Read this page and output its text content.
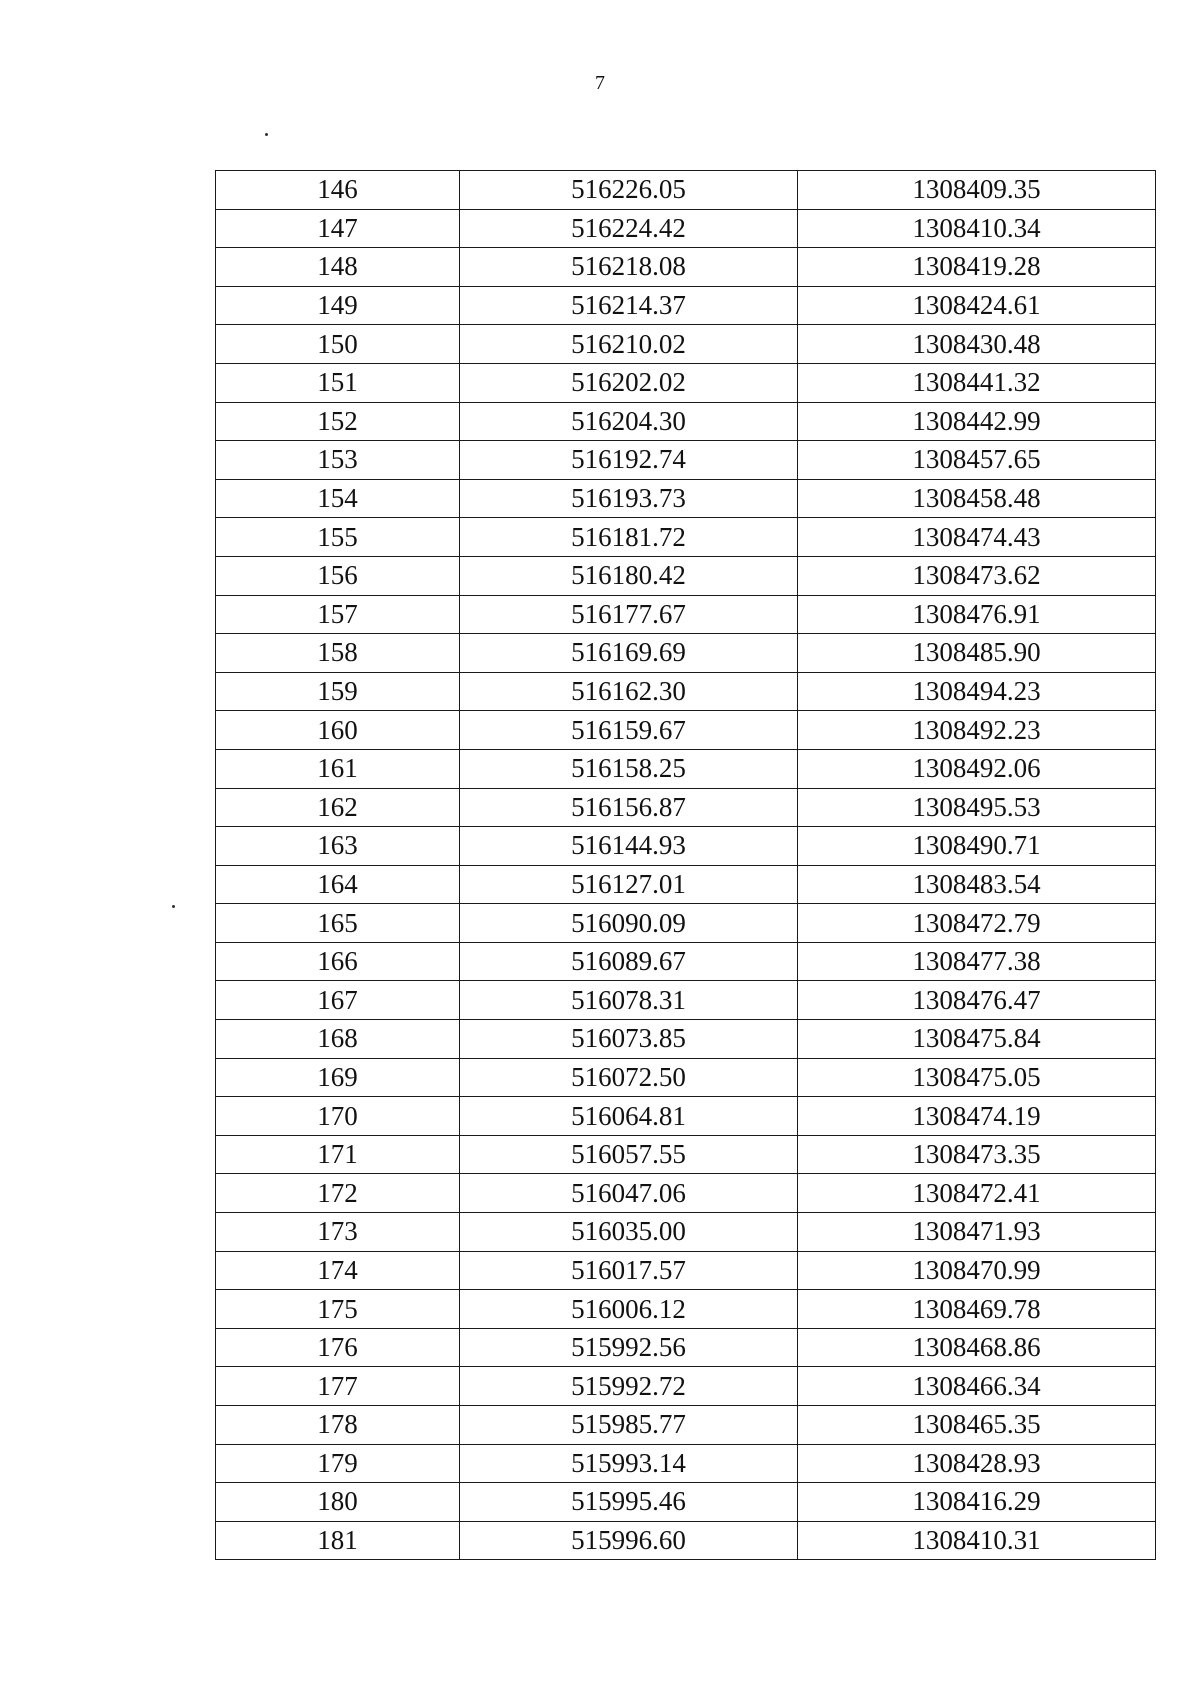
7
146	516226.05	1308409.35
147	516224.42	1308410.34
148	516218.08	1308419.28
149	516214.37	1308424.61
150	516210.02	1308430.48
151	516202.02	1308441.32
152	516204.30	1308442.99
153	516192.74	1308457.65
154	516193.73	1308458.48
155	516181.72	1308474.43
156	516180.42	1308473.62
157	516177.67	1308476.91
158	516169.69	1308485.90
159	516162.30	1308494.23
160	516159.67	1308492.23
161	516158.25	1308492.06
162	516156.87	1308495.53
163	516144.93	1308490.71
164	516127.01	1308483.54
165	516090.09	1308472.79
166	516089.67	1308477.38
167	516078.31	1308476.47
168	516073.85	1308475.84
169	516072.50	1308475.05
170	516064.81	1308474.19
171	516057.55	1308473.35
172	516047.06	1308472.41
173	516035.00	1308471.93
174	516017.57	1308470.99
175	516006.12	1308469.78
176	515992.56	1308468.86
177	515992.72	1308466.34
178	515985.77	1308465.35
179	515993.14	1308428.93
180	515995.46	1308416.29
181	515996.60	1308410.31
